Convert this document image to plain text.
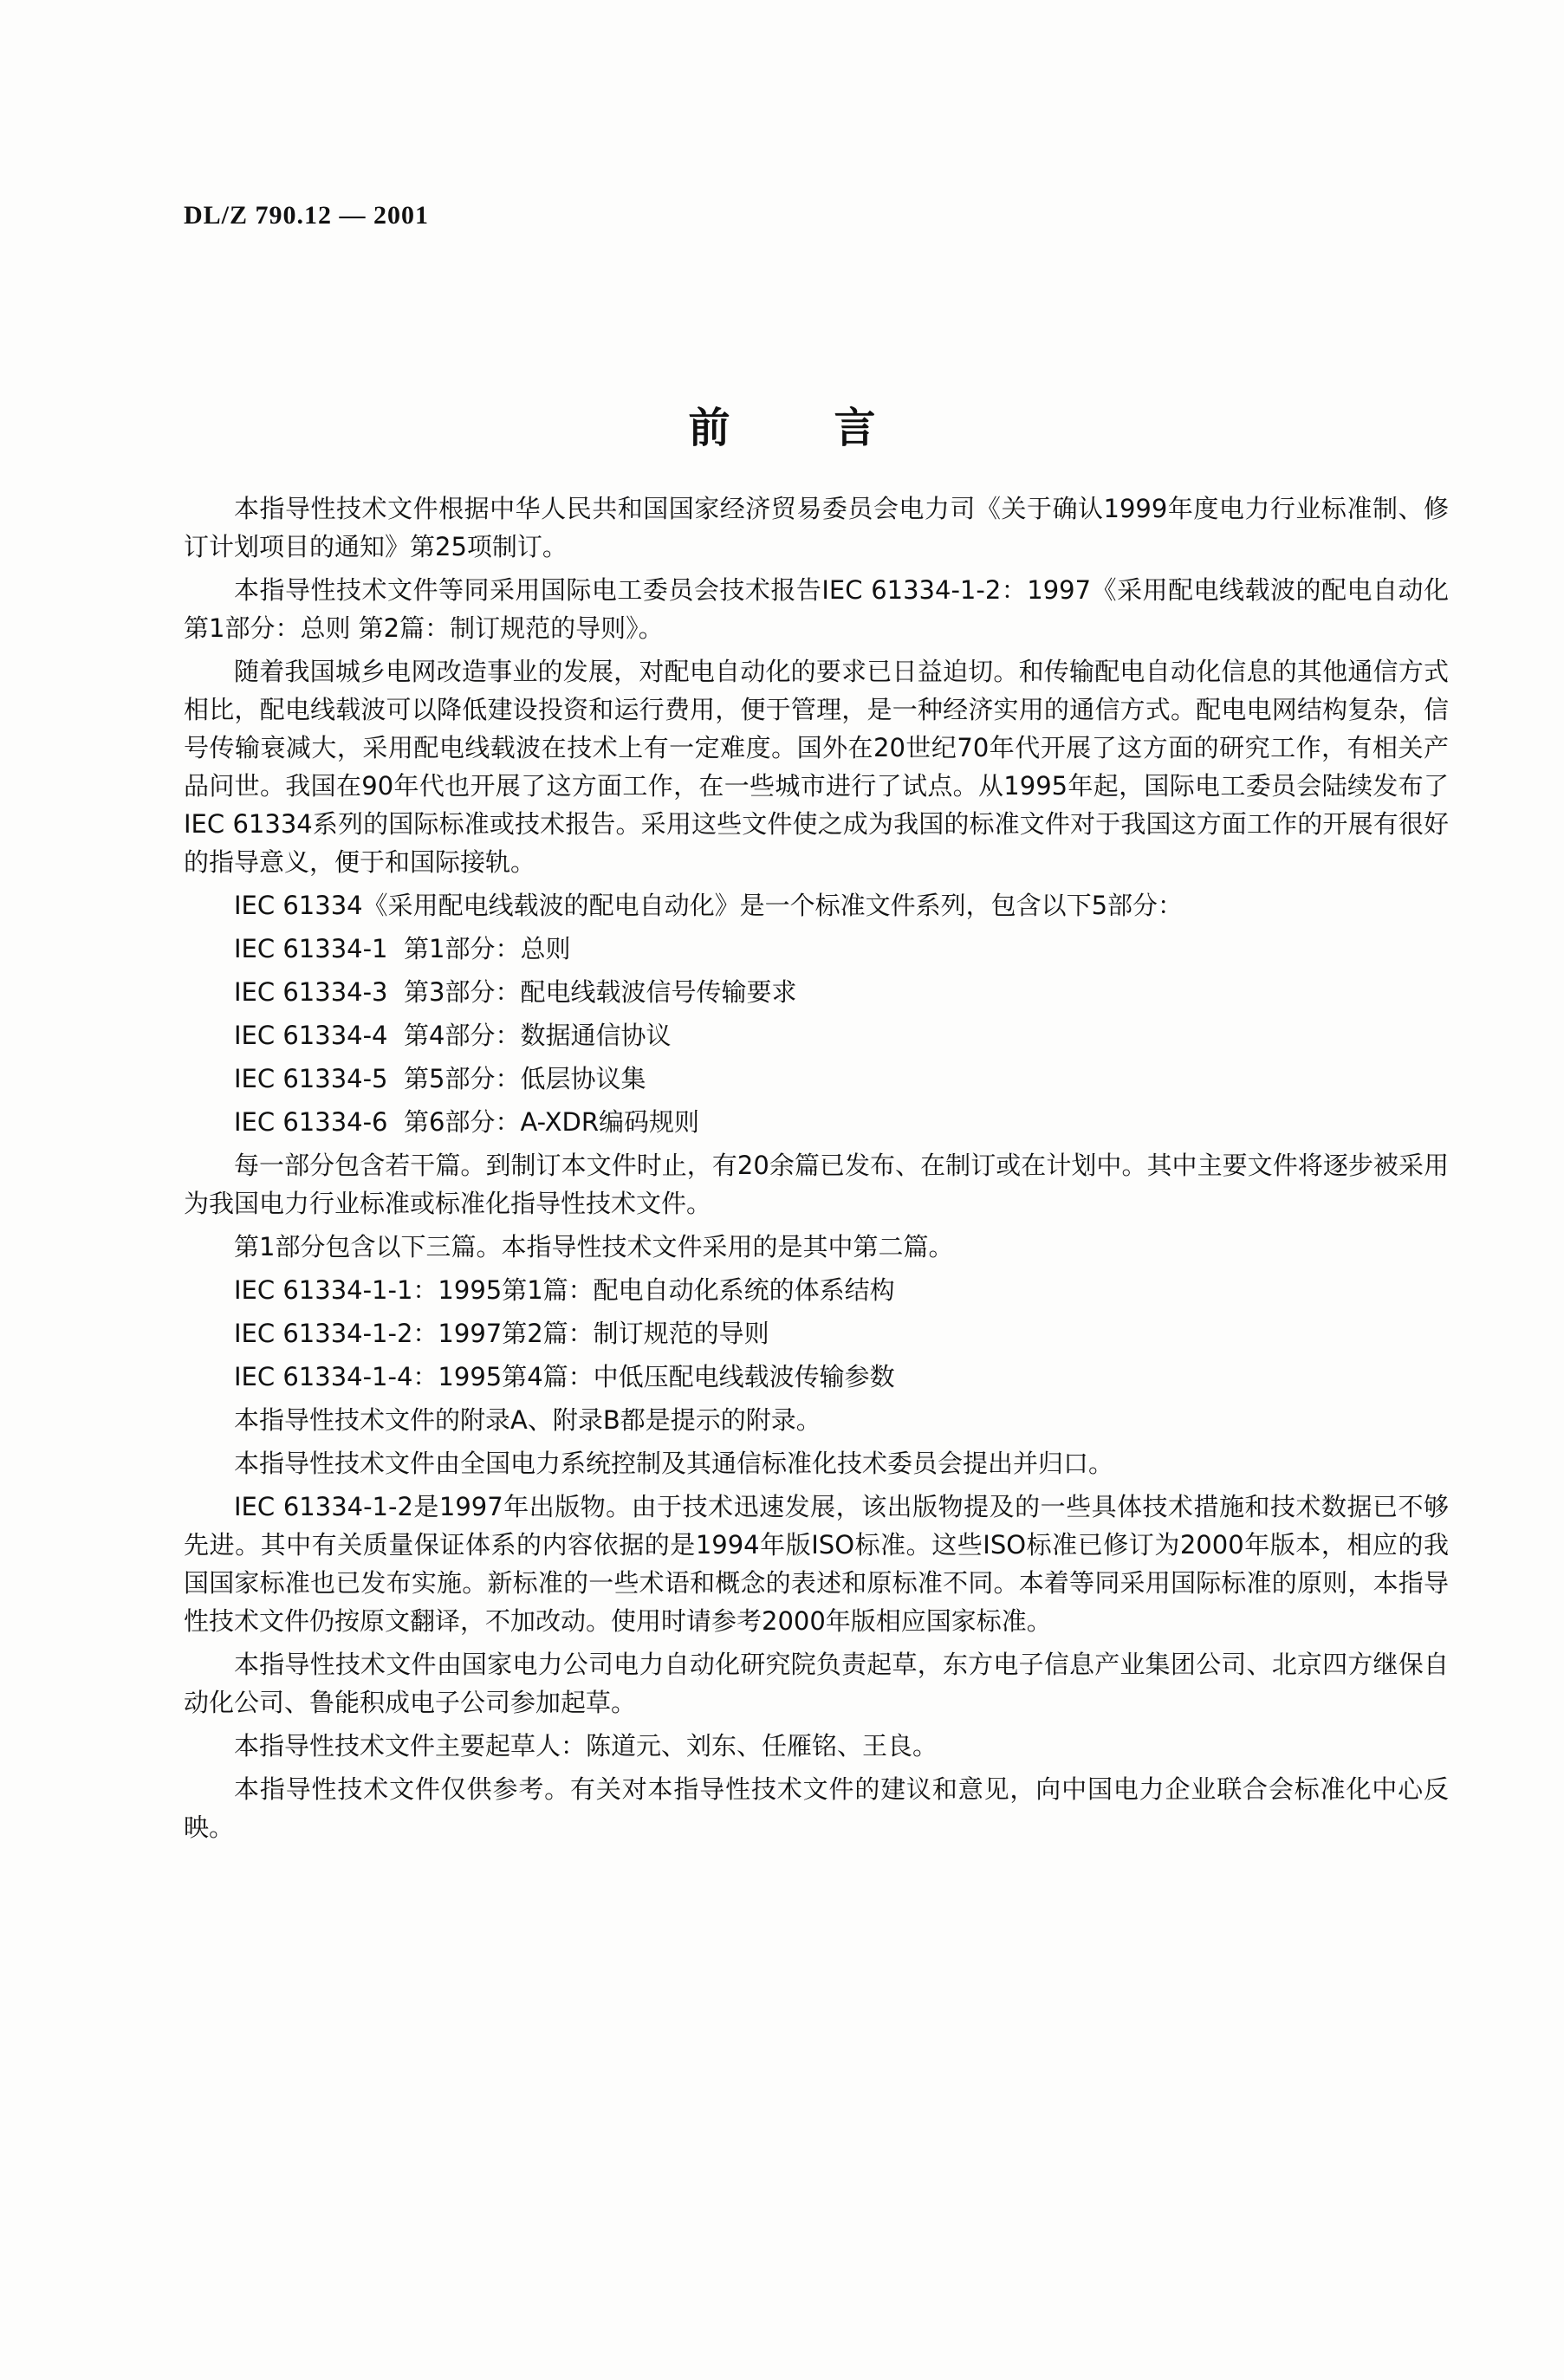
DL/Z 790.12 — 2001
前言

本指导性技术文件根据中华人民共和国国家经济贸易委员会电力司《关于确认1999年度电力行业标准制、修订计划项目的通知》第25项制订。

本指导性技术文件等同采用国际电工委员会技术报告IEC 61334-1-2：1997《采用配电线载波的配电自动化 第1部分：总则 第2篇：制订规范的导则》。

随着我国城乡电网改造事业的发展，对配电自动化的要求已日益迫切。和传输配电自动化信息的其他通信方式相比，配电线载波可以降低建设投资和运行费用，便于管理，是一种经济实用的通信方式。配电电网结构复杂，信号传输衰减大，采用配电线载波在技术上有一定难度。国外在20世纪70年代开展了这方面的研究工作，有相关产品问世。我国在90年代也开展了这方面工作，在一些城市进行了试点。从1995年起，国际电工委员会陆续发布了IEC 61334系列的国际标准或技术报告。采用这些文件使之成为我国的标准文件对于我国这方面工作的开展有很好的指导意义，便于和国际接轨。

IEC 61334《采用配电线载波的配电自动化》是一个标准文件系列，包含以下5部分：

IEC 61334-1 第1部分：总则
IEC 61334-3 第3部分：配电线载波信号传输要求
IEC 61334-4 第4部分：数据通信协议
IEC 61334-5 第5部分：低层协议集
IEC 61334-6 第6部分：A-XDR编码规则

每一部分包含若干篇。到制订本文件时止，有20余篇已发布、在制订或在计划中。其中主要文件将逐步被采用为我国电力行业标准或标准化指导性技术文件。

第1部分包含以下三篇。本指导性技术文件采用的是其中第二篇。

IEC 61334-1-1：1995第1篇：配电自动化系统的体系结构
IEC 61334-1-2：1997第2篇：制订规范的导则
IEC 61334-1-4：1995第4篇：中低压配电线载波传输参数

本指导性技术文件的附录A、附录B都是提示的附录。

本指导性技术文件由全国电力系统控制及其通信标准化技术委员会提出并归口。

IEC 61334-1-2是1997年出版物。由于技术迅速发展，该出版物提及的一些具体技术措施和技术数据已不够先进。其中有关质量保证体系的内容依据的是1994年版ISO标准。这些ISO标准已修订为2000年版本，相应的我国国家标准也已发布实施。新标准的一些术语和概念的表述和原标准不同。本着等同采用国际标准的原则，本指导性技术文件仍按原文翻译，不加改动。使用时请参考2000年版相应国家标准。

本指导性技术文件由国家电力公司电力自动化研究院负责起草，东方电子信息产业集团公司、北京四方继保自动化公司、鲁能积成电子公司参加起草。

本指导性技术文件主要起草人：陈道元、刘东、任雁铭、王良。

本指导性技术文件仅供参考。有关对本指导性技术文件的建议和意见，向中国电力企业联合会标准化中心反映。
